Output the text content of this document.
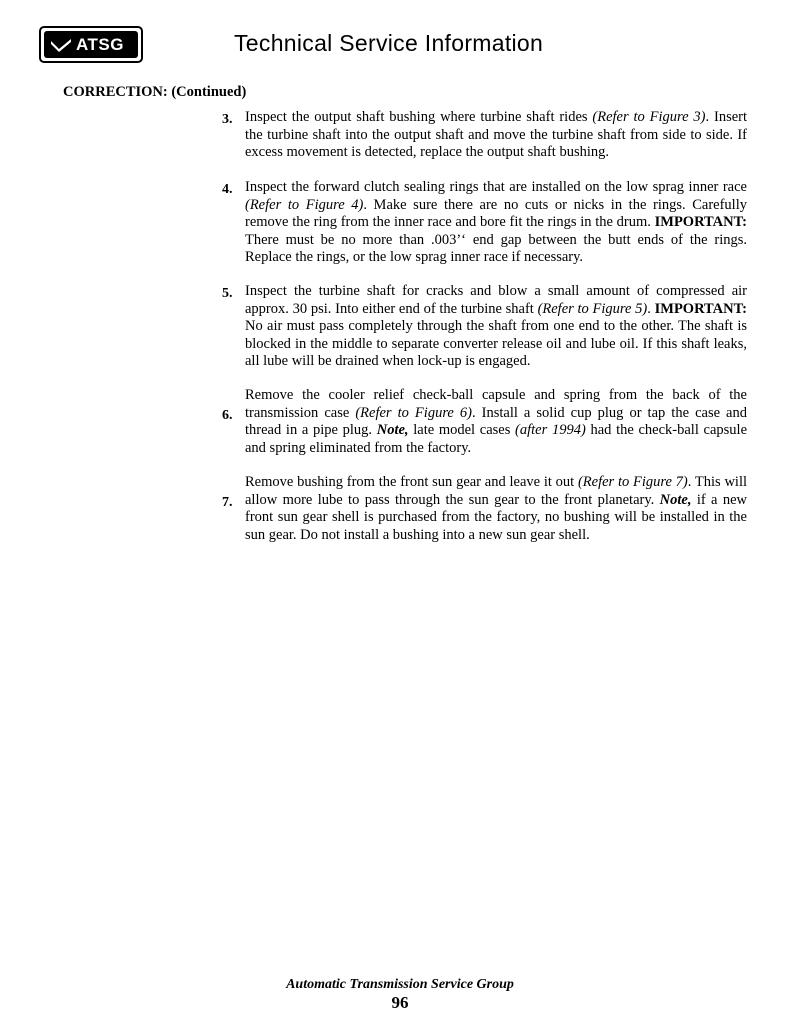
ATSG	Technical Service Information
CORRECTION: (Continued)
3. Inspect the output shaft bushing where turbine shaft rides (Refer to Figure 3). Insert the turbine shaft into the output shaft and move the turbine shaft from side to side. If excess movement is detected, replace the output shaft bushing.
4. Inspect the forward clutch sealing rings that are installed on the low sprag inner race (Refer to Figure 4). Make sure there are no cuts or nicks in the rings. Carefully remove the ring from the inner race and bore fit the rings in the drum. IMPORTANT: There must be no more than .003’‘ end gap between the butt ends of the rings. Replace the rings, or the low sprag inner race if necessary.
5. Inspect the turbine shaft for cracks and blow a small amount of compressed air approx. 30 psi. Into either end of the turbine shaft (Refer to Figure 5). IMPORTANT: No air must pass completely through the shaft from one end to the other. The shaft is blocked in the middle to separate converter release oil and lube oil. If this shaft leaks, all lube will be drained when lock-up is engaged.
6.
Remove the cooler relief check-ball capsule and spring from the back of the transmission case (Refer to Figure 6). Install a solid cup plug or tap the case and thread in a pipe plug. Note, late model cases (after 1994) had the check-ball capsule and spring eliminated from the factory.
7.
Remove bushing from the front sun gear and leave it out (Refer to Figure 7). This will allow more lube to pass through the sun gear to the front planetary. Note, if a new front sun gear shell is purchased from the factory, no bushing will be installed in the sun gear. Do not install a bushing into a new sun gear shell.
Automatic Transmission Service Group
96
